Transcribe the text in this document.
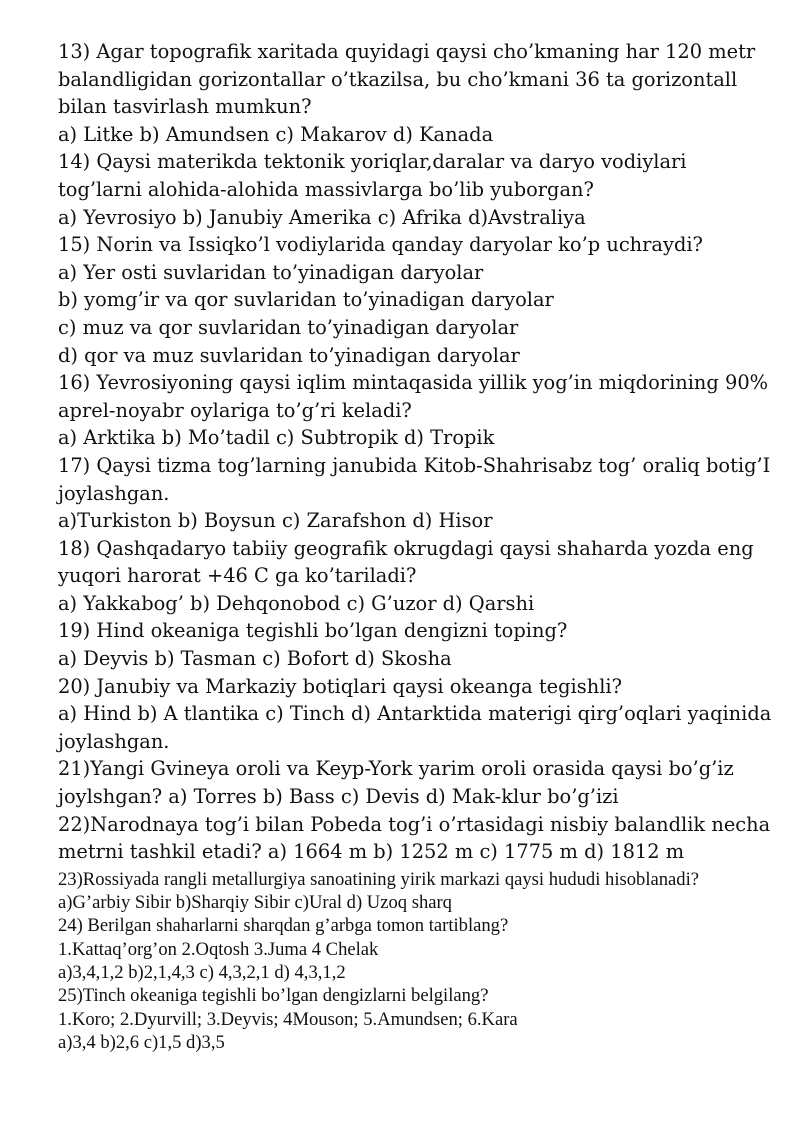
13) Agar topografik xaritada quyidagi qaysi cho’kmaning har 120 metr
balandligidan gorizontallar o’tkazilsa, bu cho’kmani 36 ta gorizontall
bilan tasvirlash mumkun?
a) Litke b) Amundsen c) Makarov d) Kanada
14) Qaysi materikda tektonik yoriqlar,daralar va daryo vodiylari
tog’larni alohida-alohida massivlarga bo’lib yuborgan?
a) Yevrosiyo b) Janubiy Amerika c) Afrika d)Avstraliya
15) Norin va Issiqko’l vodiylarida qanday daryolar ko’p uchraydi?
a) Yer osti suvlaridan to’yinadigan daryolar
b) yomg’ir va qor suvlaridan to’yinadigan daryolar
c) muz va qor suvlaridan to’yinadigan daryolar
d) qor va muz suvlaridan to’yinadigan daryolar
16) Yevrosiyoning qaysi iqlim mintaqasida yillik yog’in miqdorining 90%
aprel-noyabr oylariga to’g’ri keladi?
a) Arktika b) Mo’tadil c) Subtropik d) Tropik
17) Qaysi tizma tog’larning janubida Kitob-Shahrisabz tog’ oraliq botig’I
joylashgan.
a)Turkiston b) Boysun c) Zarafshon d) Hisor
18) Qashqadaryo tabiiy geografik okrugdagi qaysi shaharda yozda eng
yuqori harorat +46 C ga ko’tariladi?
a) Yakkabog’ b) Dehqonobod c) G’uzor d) Qarshi
19) Hind okeaniga tegishli bo’lgan dengizni toping?
a) Deyvis b) Tasman c) Bofort d) Skosha
20) Janubiy va Markaziy botiqlari qaysi okeanga tegishli?
a) Hind b) A tlantika c) Tinch d) Antarktida materigi qirg’oqlari yaqinida
joylashgan.
21)Yangi Gvineya oroli va Keyp-York yarim oroli orasida qaysi bo’g’iz
joylshgan? a) Torres b) Bass c) Devis d) Mak-klur bo’g’izi
22)Narodnaya tog’i bilan Pobeda tog’i o’rtasidagi nisbiy balandlik necha
metrni tashkil etadi? a) 1664 m b) 1252 m c) 1775 m d) 1812 m
23)Rossiyada rangli metallurgiya sanoatining yirik markazi qaysi hududi hisoblanadi?
a)G’arbiy Sibir b)Sharqiy Sibir c)Ural d) Uzoq sharq
24) Berilgan shaharlarni sharqdan g’arbga tomon tartiblang?
1.Kattaq’org’on 2.Oqtosh 3.Juma 4 Chelak
a)3,4,1,2 b)2,1,4,3 c) 4,3,2,1 d) 4,3,1,2
25)Tinch okeaniga tegishli bo’lgan dengizlarni belgilang?
1.Koro; 2.Dyurvill; 3.Deyvis; 4Mouson; 5.Amundsen; 6.Kara
a)3,4 b)2,6 c)1,5 d)3,5
